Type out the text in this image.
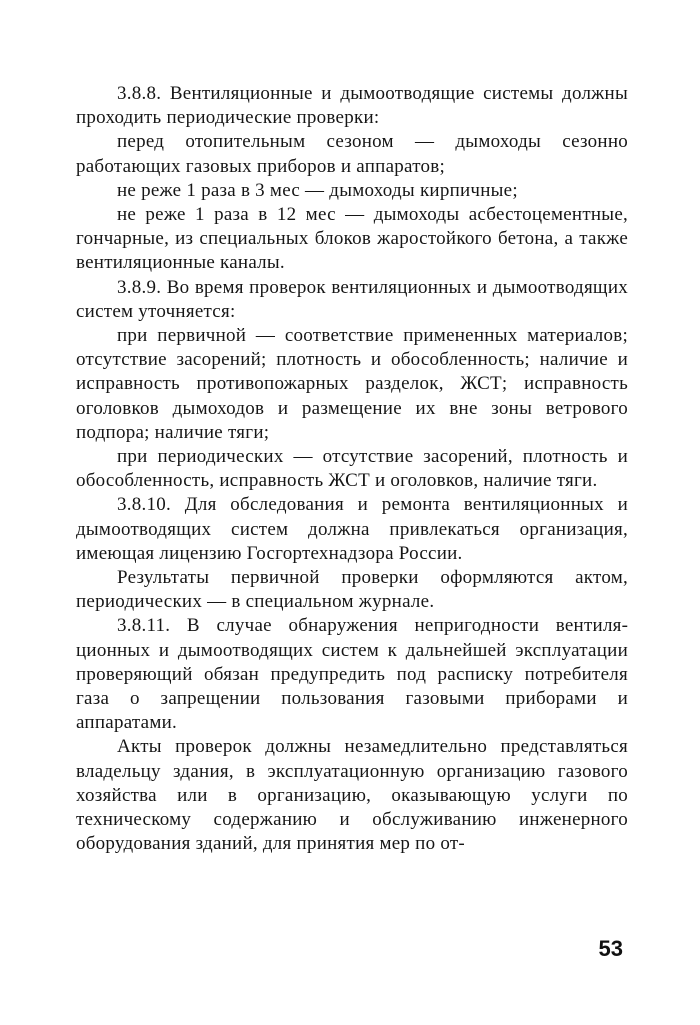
3.8.8. Вентиляционные и дымоотводящие системы должны проходить периодические проверки:

перед отопительным сезоном — дымоходы сезонно работающих газовых приборов и аппаратов;

не реже 1 раза в 3 мес — дымоходы кирпичные;

не реже 1 раза в 12 мес — дымоходы асбестоцементные, гончарные, из специальных блоков жаростойкого бетона, а также вентиляционные каналы.

3.8.9. Во время проверок вентиляционных и дымоотводящих систем уточняется:

при первичной — соответствие примененных материалов; отсутствие засорений; плотность и обособленность; наличие и исправность противопожарных разделок, ЖСТ; исправность оголовков дымоходов и размещение их вне зоны ветрового подпора; наличие тяги;

при периодических — отсутствие засорений, плотность и обособленность, исправность ЖСТ и оголовков, наличие тяги.

3.8.10. Для обследования и ремонта вентиляционных и дымоотводящих систем должна привлекаться организация, имеющая лицензию Госгортехнадзора России.

Результаты первичной проверки оформляются актом, периодических — в специальном журнале.

3.8.11. В случае обнаружения непригодности вентиляционных и дымоотводящих систем к дальнейшей эксплуатации проверяющий обязан предупредить под расписку потребителя газа о запрещении пользования газовыми приборами и аппаратами.

Акты проверок должны незамедлительно представляться владельцу здания, в эксплуатационную организацию газового хозяйства или в организацию, оказывающую услуги по техническому содержанию и обслуживанию инженерного оборудования зданий, для принятия мер по от-

53
